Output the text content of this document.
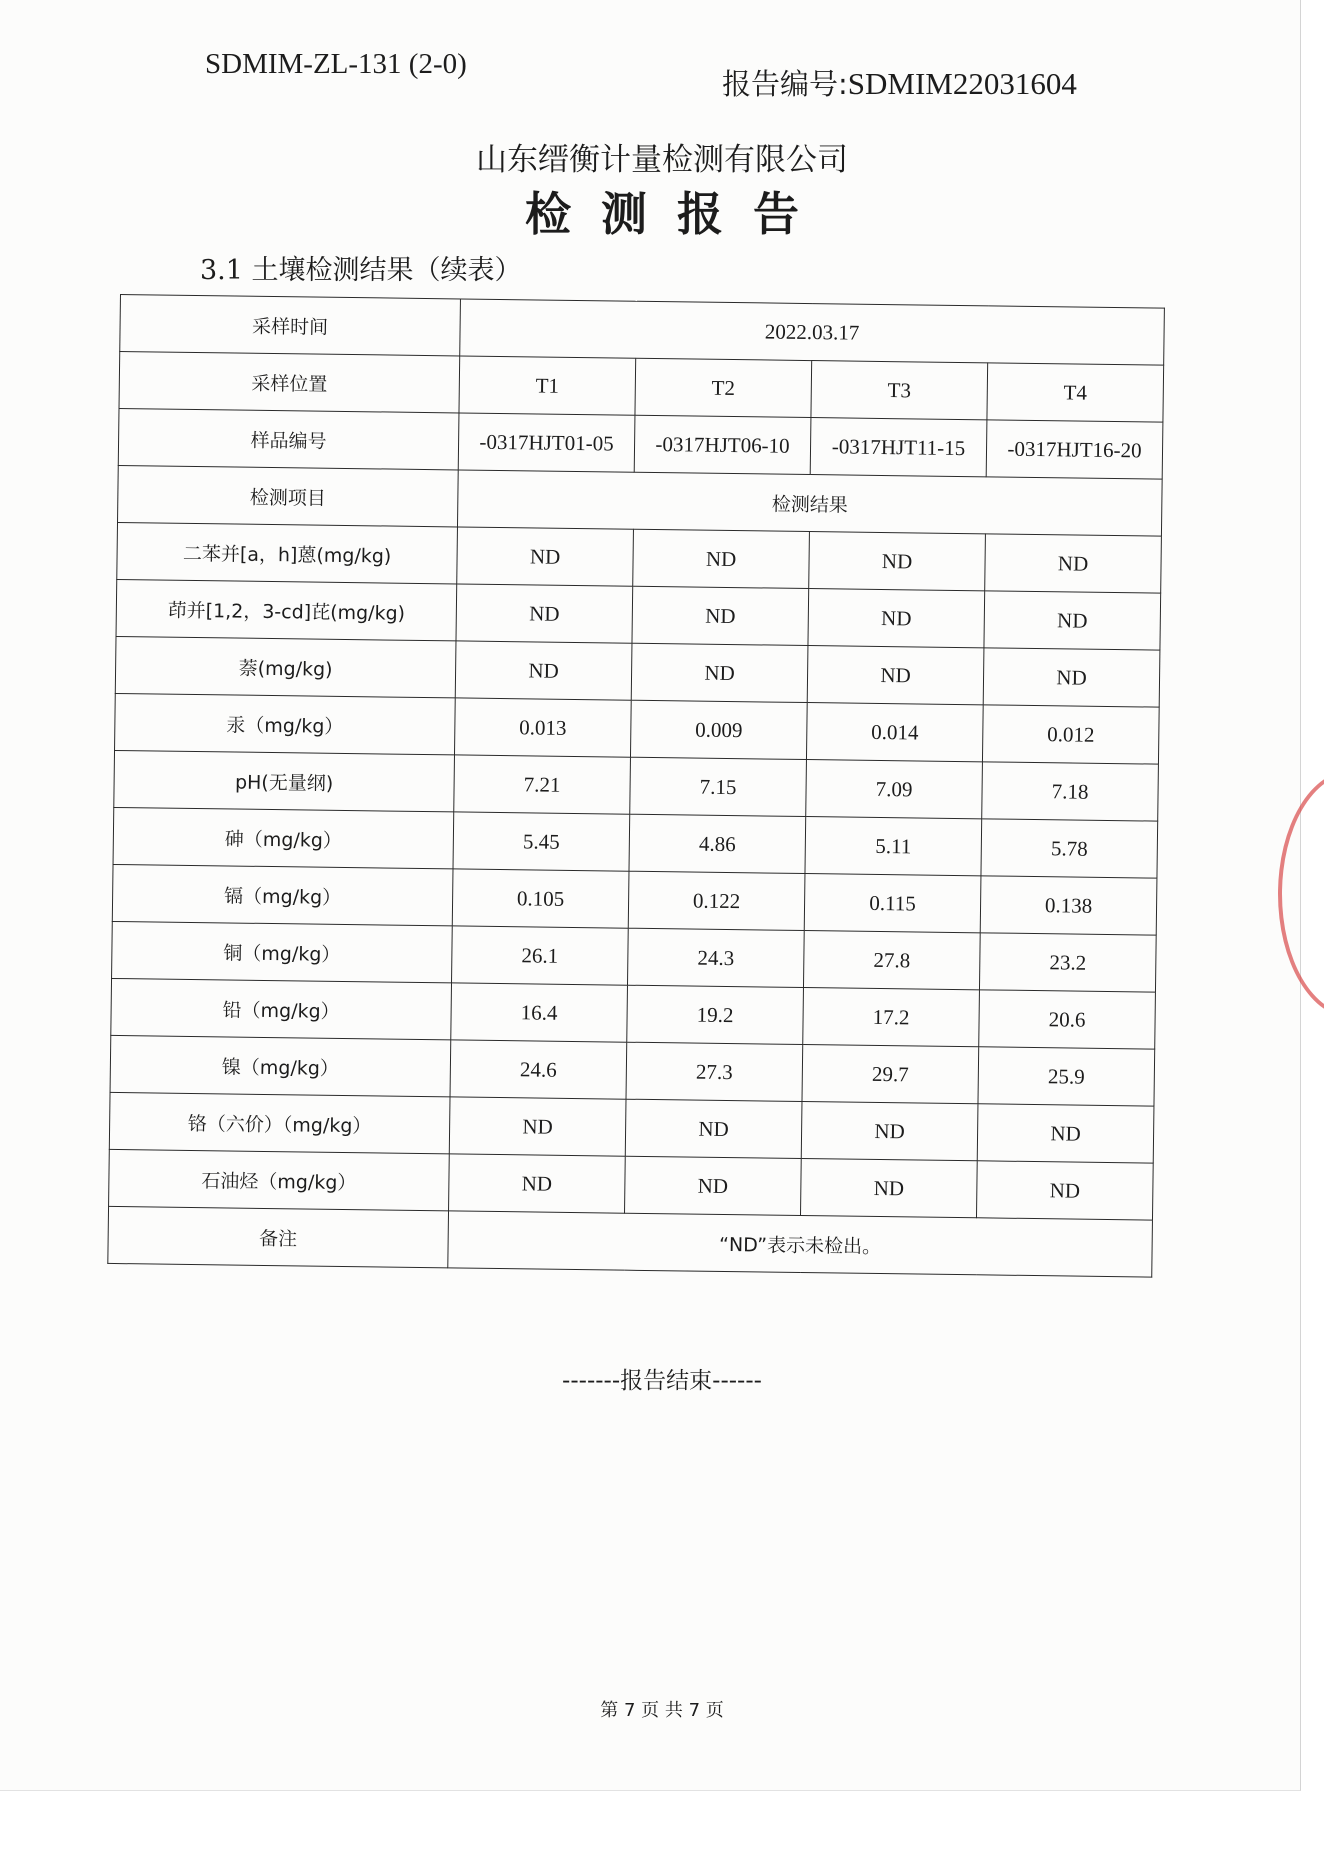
SDMIM-ZL-131 (2-0)
报告编号:SDMIM22031604
山东缙衡计量检测有限公司
检测报告
3.1 土壤检测结果（续表）
采样时间	2022.03.17			
采样位置	T1	T2	T3	T4
样品编号	-0317HJT01-05	-0317HJT06-10	-0317HJT11-15	-0317HJT16-20
检测项目	检测结果			
二苯并[a，h]蒽(mg/kg)	ND	ND	ND	ND
茚并[1,2，3-cd]芘(mg/kg)	ND	ND	ND	ND
萘(mg/kg)	ND	ND	ND	ND
汞（mg/kg）	0.013	0.009	0.014	0.012
pH(无量纲)	7.21	7.15	7.09	7.18
砷（mg/kg）	5.45	4.86	5.11	5.78
镉（mg/kg）	0.105	0.122	0.115	0.138
铜（mg/kg）	26.1	24.3	27.8	23.2
铅（mg/kg）	16.4	19.2	17.2	20.6
镍（mg/kg）	24.6	27.3	29.7	25.9
铬（六价）（mg/kg）	ND	ND	ND	ND
石油烃（mg/kg）	ND	ND	ND	ND
备注	“ND”表示未检出。			
-------报告结束------
第 7 页 共 7 页
